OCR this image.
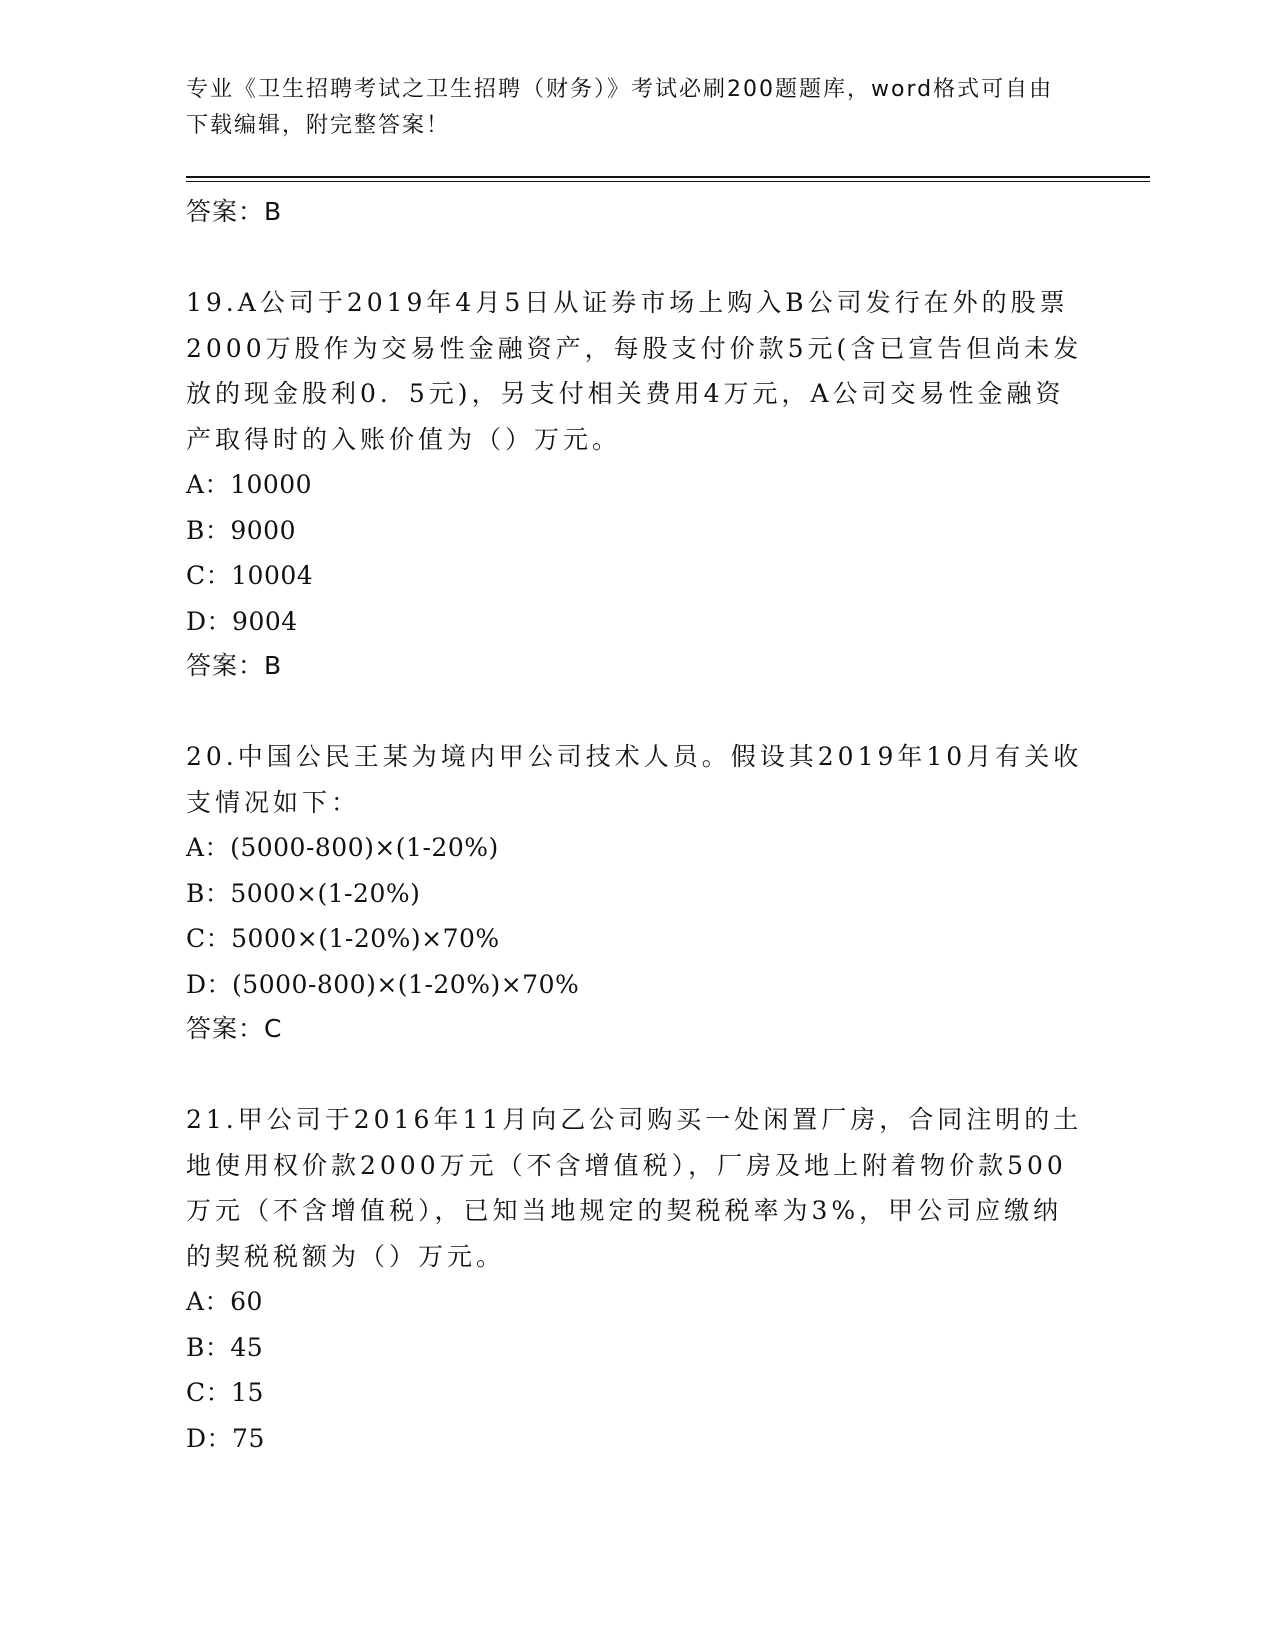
专业《卫生招聘考试之卫生招聘（财务）》考试必刷200题题库，word格式可自由下载编辑，附完整答案！
答案：B
19.A公司于2019年4月5日从证券市场上购入B公司发行在外的股票2000万股作为交易性金融资产，每股支付价款5元(含已宣告但尚未发放的现金股利0．5元)，另支付相关费用4万元，A公司交易性金融资产取得时的入账价值为（）万元。
A：10000
B：9000
C：10004
D：9004
答案：B
20.中国公民王某为境内甲公司技术人员。假设其2019年10月有关收支情况如下：
A：(5000-800)×(1-20%)
B：5000×(1-20%)
C：5000×(1-20%)×70%
D：(5000-800)×(1-20%)×70%
答案：C
21.甲公司于2016年11月向乙公司购买一处闲置厂房，合同注明的土地使用权价款2000万元（不含增值税），厂房及地上附着物价款500万元（不含增值税），已知当地规定的契税税率为3%，甲公司应缴纳的契税税额为（）万元。
A：60
B：45
C：15
D：75
